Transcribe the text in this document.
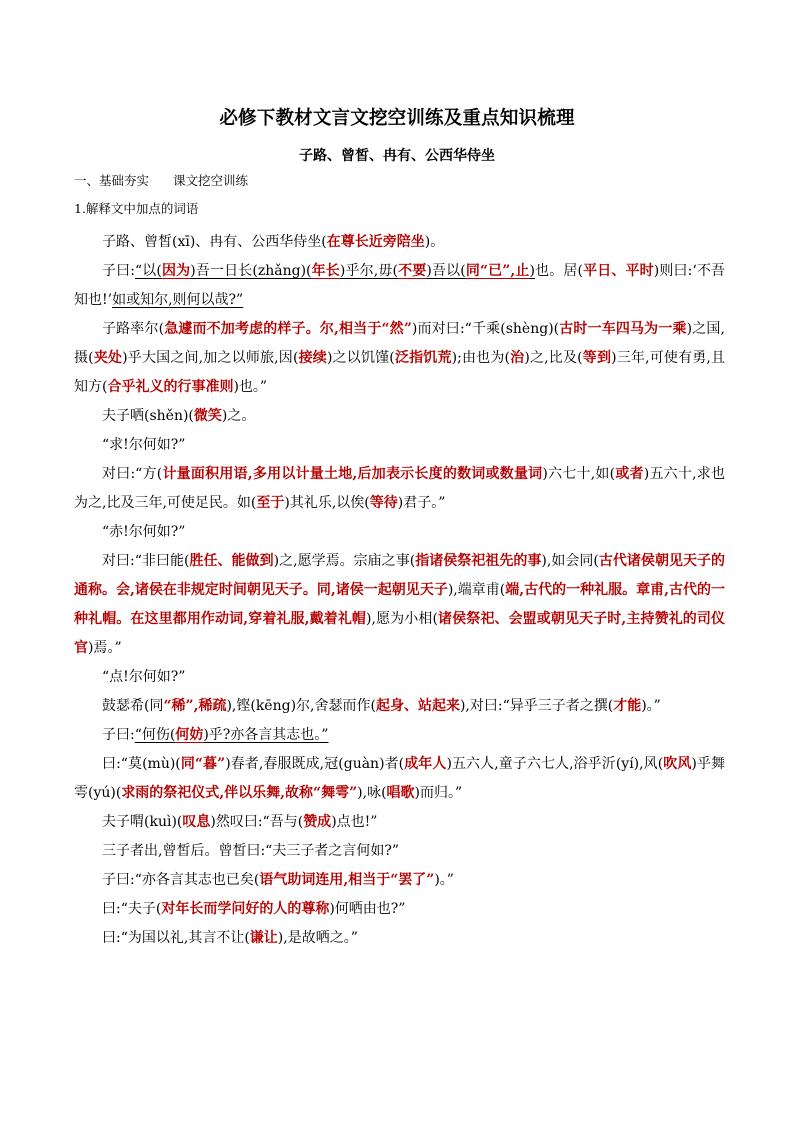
必修下教材文言文挖空训练及重点知识梳理
子路、曾皙、冉有、公西华侍坐
一、基础夯实 课文挖空训练
1.解释文中加点的词语

子路、曾皙(xī)、冉有、公西华侍坐(在尊长近旁陪坐)。

子曰:“以(因为)吾一日长(zhǎng)(年长)乎尔,毋(不要)吾以(同“已”,止)也。居(平日、平时)则曰:‘不吾知也!’如或知尔,则何以哉?”

子路率尔(急遽而不加考虑的样子。尔,相当于“然”)而对曰:“千乘(shèng)(古时一车四马为一乘)之国,摄(夹处)乎大国之间,加之以师旅,因(接续)之以饥馑(泛指饥荒);由也为(治)之,比及(等到)三年,可使有勇,且知方(合乎礼义的行事准则)也。”

夫子哂(shěn)(微笑)之。

“求!尔何如?”

对曰:“方(计量面积用语,多用以计量土地,后加表示长度的数词或数量词)六七十,如(或者)五六十,求也为之,比及三年,可使足民。如(至于)其礼乐,以俟(等待)君子。”

“赤!尔何如?”

对曰:“非曰能(胜任、能做到)之,愿学焉。宗庙之事(指诸侯祭祀祖先的事),如会同(古代诸侯朝见天子的通称。会,诸侯在非规定时间朝见天子。同,诸侯一起朝见天子),端章甫(端,古代的一种礼服。章甫,古代的一种礼帽。在这里都用作动词,穿着礼服,戴着礼帽),愿为小相(诸侯祭祀、会盟或朝见天子时,主持赞礼的司仪官)焉。”

“点!尔何如?”

鼓瑟希(同“稀”,稀疏),铿(kēng)尔,舍瑟而作(起身、站起来),对曰:“异乎三子者之撰(才能)。”

子曰:“何伤(何妨)乎?亦各言其志也。”

曰:“莫(mù)(同“暮”)春者,春服既成,冠(guàn)者(成年人)五六人,童子六七人,浴乎沂(yí),风(吹风)乎舞雩(yú)(求雨的祭祀仪式,伴以乐舞,故称“舞雩”),咏(唱歌)而归。”

夫子喟(kuì)(叹息)然叹曰:“吾与(赞成)点也!”

三子者出,曾皙后。曾皙曰:“夫三子者之言何如?”

子曰:“亦各言其志也已矣(语气助词连用,相当于“罢了”)。”

曰:“夫子(对年长而学问好的人的尊称)何哂由也?”

曰:“为国以礼,其言不让(谦让),是故哂之。”
